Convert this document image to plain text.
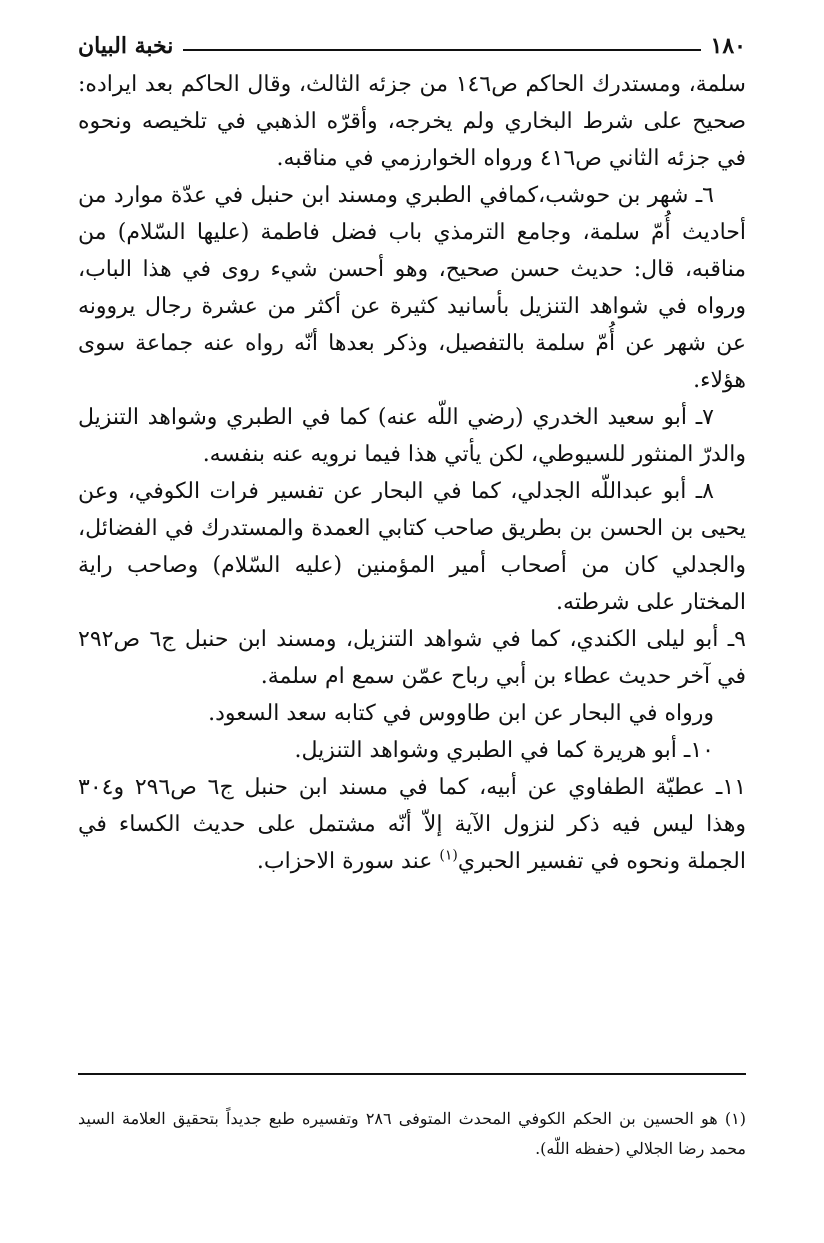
نخبة البيان	١٨٠

سلمة، ومستدرك الحاكم ص١٤٦ من جزئه الثالث، وقال الحاكم بعد ايراده: صحيح على شرط البخاري ولم يخرجه، وأقرّه الذهبي في تلخيصه ونحوه في جزئه الثاني ص٤١٦ ورواه الخوارزمي في مناقبه.

٦ـ شهر بن حوشب،كمافي الطبري ومسند ابن حنبل في عدّة موارد من أحاديث أُمّ سلمة، وجامع الترمذي باب فضل فاطمة (عليها السّلام) من مناقبه، قال: حديث حسن صحيح، وهو أحسن شيء روى في هذا الباب، ورواه في شواهد التنزيل بأسانيد كثيرة عن أكثر من عشرة رجال يروونه عن شهر عن أُمّ سلمة بالتفصيل، وذكر بعدها أنّه رواه عنه جماعة سوى هؤلاء.

٧ـ أبو سعيد الخدري (رضي اللّه عنه) كما في الطبري وشواهد التنزيل والدرّ المنثور للسيوطي، لكن يأتي هذا فيما نرويه عنه بنفسه.

٨ـ أبو عبداللّه الجدلي، كما في البحار عن تفسير فرات الكوفي، وعن يحيى بن الحسن بن بطريق صاحب كتابي العمدة والمستدرك في الفضائل، والجدلي كان من أصحاب أمير المؤمنين (عليه السّلام) وصاحب راية المختار على شرطته.

٩ـ أبو ليلى الكندي، كما في شواهد التنزيل، ومسند ابن حنبل ج٦ ص٢٩٢ في آخر حديث عطاء بن أبي رباح عمّن سمع ام سلمة.

ورواه في البحار عن ابن طاووس في كتابه سعد السعود.

١٠ـ أبو هريرة كما في الطبري وشواهد التنزيل.

١١ـ عطيّة الطفاوي عن أبيه، كما في مسند ابن حنبل ج٦ ص٢٩٦ و٣٠٤ وهذا ليس فيه ذكر لنزول الآية إلاّ أنّه مشتمل على حديث الكساء في الجملة ونحوه في تفسير الحبري$^{(١)}$ عند سورة الاحزاب.

(١) هو الحسين بن الحكم الكوفي المحدث المتوفى ٢٨٦ وتفسيره طبع جديداً بتحقيق العلامة السيد محمد رضا الجلالي (حفظه اللّه).
